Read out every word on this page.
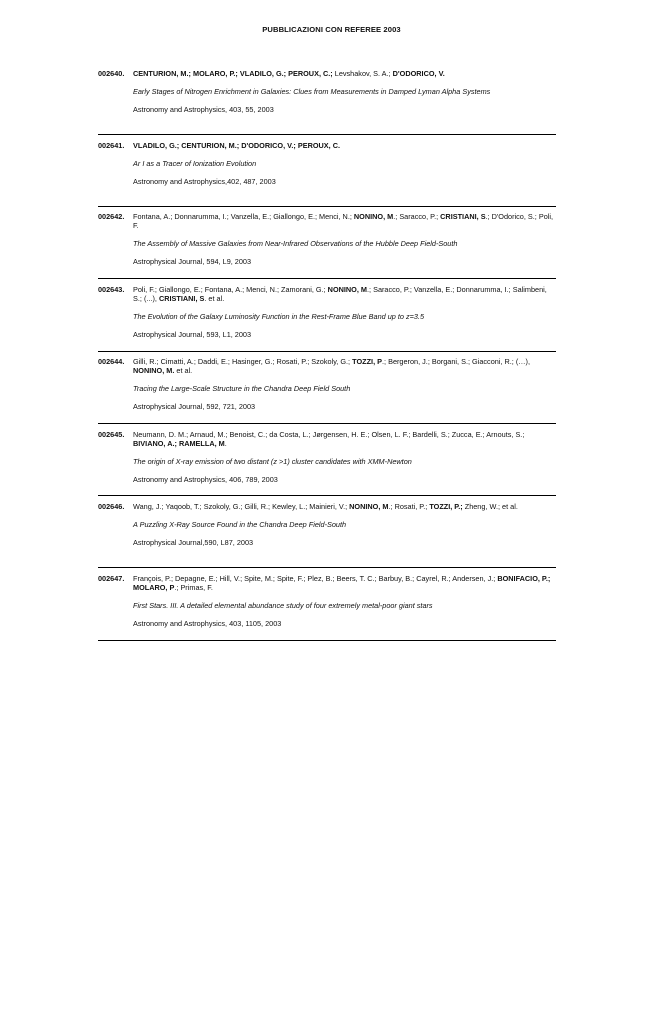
PUBBLICAZIONI CON REFEREE 2003
002640.	CENTURION, M.; MOLARO, P.; VLADILO, G.; PEROUX, C.; Levshakov, S. A.; D'ODORICO, V.
Early Stages of Nitrogen Enrichment in Galaxies: Clues from Measurements in Damped Lyman Alpha Systems
Astronomy and Astrophysics, 403, 55, 2003
002641.	VLADILO, G.; CENTURION, M.; D'ODORICO, V.; PEROUX, C.
Ar I as a Tracer of Ionization Evolution
Astronomy and Astrophysics,402, 487, 2003
002642.	Fontana, A.; Donnarumma, I.; Vanzella, E.; Giallongo, E.; Menci, N.; NONINO, M.; Saracco, P.; CRISTIANI, S.; D'Odorico, S.; Poli, F.
The Assembly of Massive Galaxies from Near-Infrared Observations of the Hubble Deep Field-South
Astrophysical Journal, 594, L9, 2003
002643.	Poli, F.; Giallongo, E.; Fontana, A.; Menci, N.; Zamorani, G.; NONINO, M.; Saracco, P.; Vanzella, E.; Donnarumma, I.; Salimbeni, S.; (...), CRISTIANI, S. et al.
The Evolution of the Galaxy Luminosity Function in the Rest-Frame Blue Band up to z=3.5
Astrophysical Journal, 593, L1, 2003
002644.	Gilli, R.; Cimatti, A.; Daddi, E.; Hasinger, G.; Rosati, P.; Szokoly, G.; TOZZI, P.; Bergeron, J.; Borgani, S.; Giacconi, R.; (…), NONINO, M. et al.
Tracing the Large-Scale Structure in the Chandra Deep Field South
Astrophysical Journal, 592, 721, 2003
002645.	Neumann, D. M.; Arnaud, M.; Benoist, C.; da Costa, L.; Jørgensen, H. E.; Olsen, L. F.; Bardelli, S.; Zucca, E.; Arnouts, S.; BIVIANO, A.; RAMELLA, M.
The origin of X-ray emission of two distant (z >1) cluster candidates with XMM-Newton
Astronomy and Astrophysics, 406, 789, 2003
002646.	Wang, J.; Yaqoob, T.; Szokoly, G.; Gilli, R.; Kewley, L.; Mainieri, V.; NONINO, M.; Rosati, P.; TOZZI, P.; Zheng, W.; et al.
A Puzzling X-Ray Source Found in the Chandra Deep Field-South
Astrophysical Journal,590, L87, 2003
002647.	François, P.; Depagne, E.; Hill, V.; Spite, M.; Spite, F.; Plez, B.; Beers, T. C.; Barbuy, B.; Cayrel, R.; Andersen, J.; BONIFACIO, P.; MOLARO, P.; Primas, F.
First Stars. III. A detailed elemental abundance study of four extremely metal-poor giant stars
Astronomy and Astrophysics, 403, 1105, 2003
